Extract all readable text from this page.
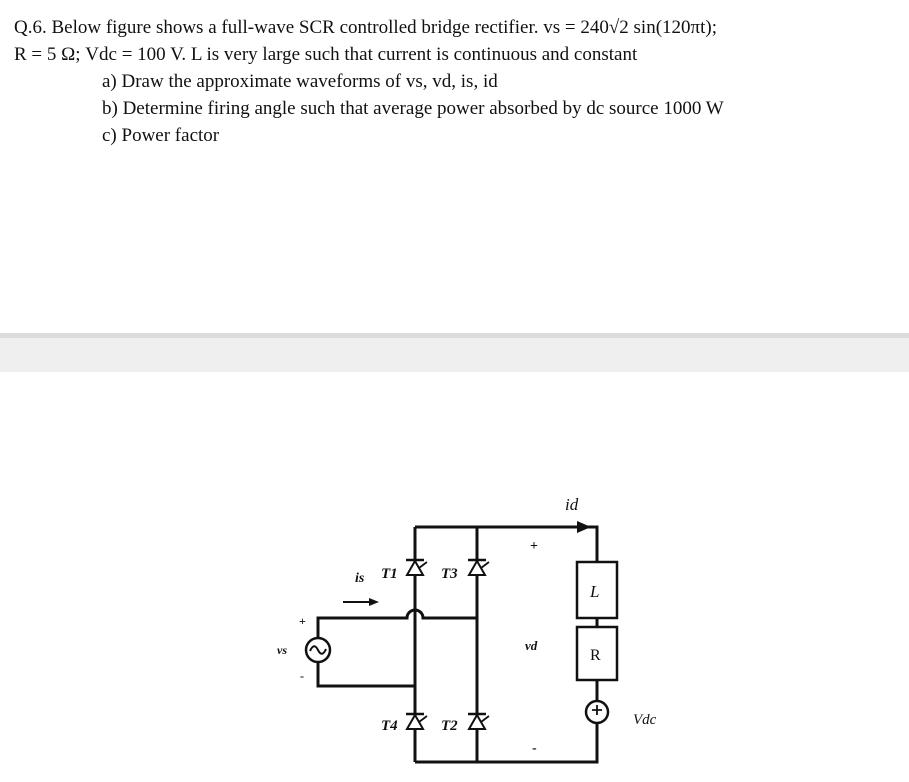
Q.6. Below figure shows a full-wave SCR controlled bridge rectifier. vs = 240√2 sin(120πt);

R = 5 Ω; Vdc = 100 V. L is very large such that current is continuous and constant

a) Draw the approximate waveforms of vs, vd, is, id

b) Determine firing angle such that average power absorbed by dc source 1000 W

c) Power factor

id
is
vs	vd
L
R
Vdc
T1	T3
T4	T2
+
-
+
-
